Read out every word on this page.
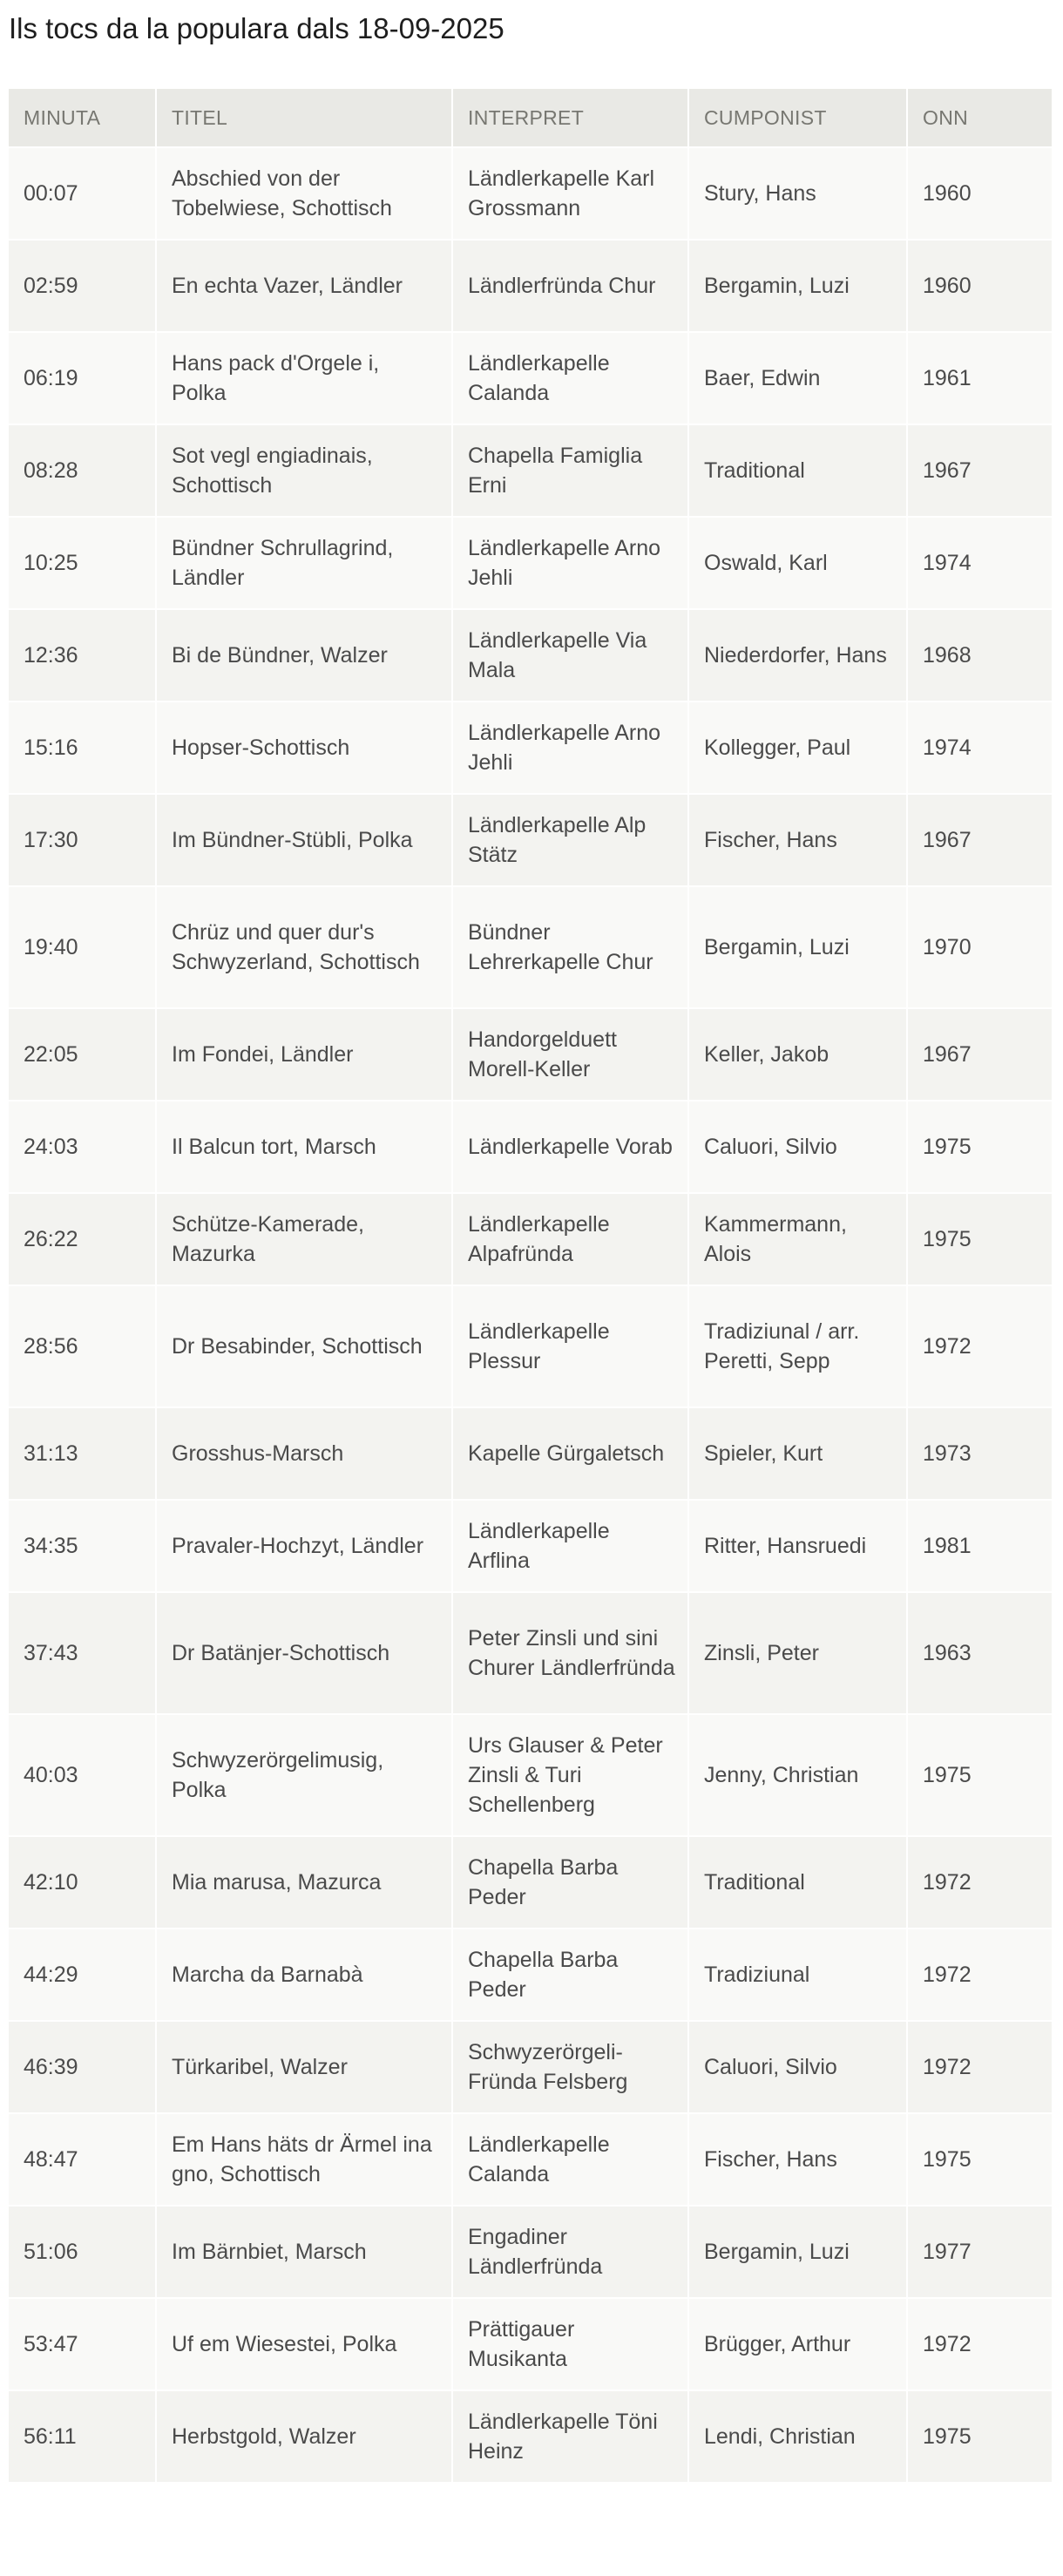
Ils tocs da la populara dals 18-09-2025
MINUTA	TITEL	INTERPRET	CUMPONIST	ONN
00:07	Abschied von der Tobelwiese, Schottisch	Ländlerkapelle Karl Grossmann	Stury, Hans	1960
02:59	En echta Vazer, Ländler	Ländlerfründa Chur	Bergamin, Luzi	1960
06:19	Hans pack d'Orgele i, Polka	Ländlerkapelle Calanda	Baer, Edwin	1961
08:28	Sot vegl engiadinais, Schottisch	Chapella Famiglia Erni	Traditional	1967
10:25	Bündner Schrullagrind, Ländler	Ländlerkapelle Arno Jehli	Oswald, Karl	1974
12:36	Bi de Bündner, Walzer	Ländlerkapelle Via Mala	Niederdorfer, Hans	1968
15:16	Hopser-Schottisch	Ländlerkapelle Arno Jehli	Kollegger, Paul	1974
17:30	Im Bündner-Stübli, Polka	Ländlerkapelle Alp Stätz	Fischer, Hans	1967
19:40	Chrüz und quer dur's Schwyzerland, Schottisch	Bündner Lehrerkapelle Chur	Bergamin, Luzi	1970
22:05	Im Fondei, Ländler	Handorgelduett Morell-Keller	Keller, Jakob	1967
24:03	Il Balcun tort, Marsch	Ländlerkapelle Vorab	Caluori, Silvio	1975
26:22	Schütze-Kamerade, Mazurka	Ländlerkapelle Alpafründa	Kammermann, Alois	1975
28:56	Dr Besabinder, Schottisch	Ländlerkapelle Plessur	Tradiziunal / arr. Peretti, Sepp	1972
31:13	Grosshus-Marsch	Kapelle Gürgaletsch	Spieler, Kurt	1973
34:35	Pravaler-Hochzyt, Ländler	Ländlerkapelle Arflina	Ritter, Hansruedi	1981
37:43	Dr Batänjer-Schottisch	Peter Zinsli und sini Churer Ländlerfründa	Zinsli, Peter	1963
40:03	Schwyzerörgelimusig, Polka	Urs Glauser & Peter Zinsli & Turi Schellenberg	Jenny, Christian	1975
42:10	Mia marusa, Mazurca	Chapella Barba Peder	Traditional	1972
44:29	Marcha da Barnabà	Chapella Barba Peder	Tradiziunal	1972
46:39	Türkaribel, Walzer	Schwyzerörgeli-Fründa Felsberg	Caluori, Silvio	1972
48:47	Em Hans häts dr Ärmel ina gno, Schottisch	Ländlerkapelle Calanda	Fischer, Hans	1975
51:06	Im Bärnbiet, Marsch	Engadiner Ländlerfründa	Bergamin, Luzi	1977
53:47	Uf em Wiesestei, Polka	Prättigauer Musikanta	Brügger, Arthur	1972
56:11	Herbstgold, Walzer	Ländlerkapelle Töni Heinz	Lendi, Christian	1975
